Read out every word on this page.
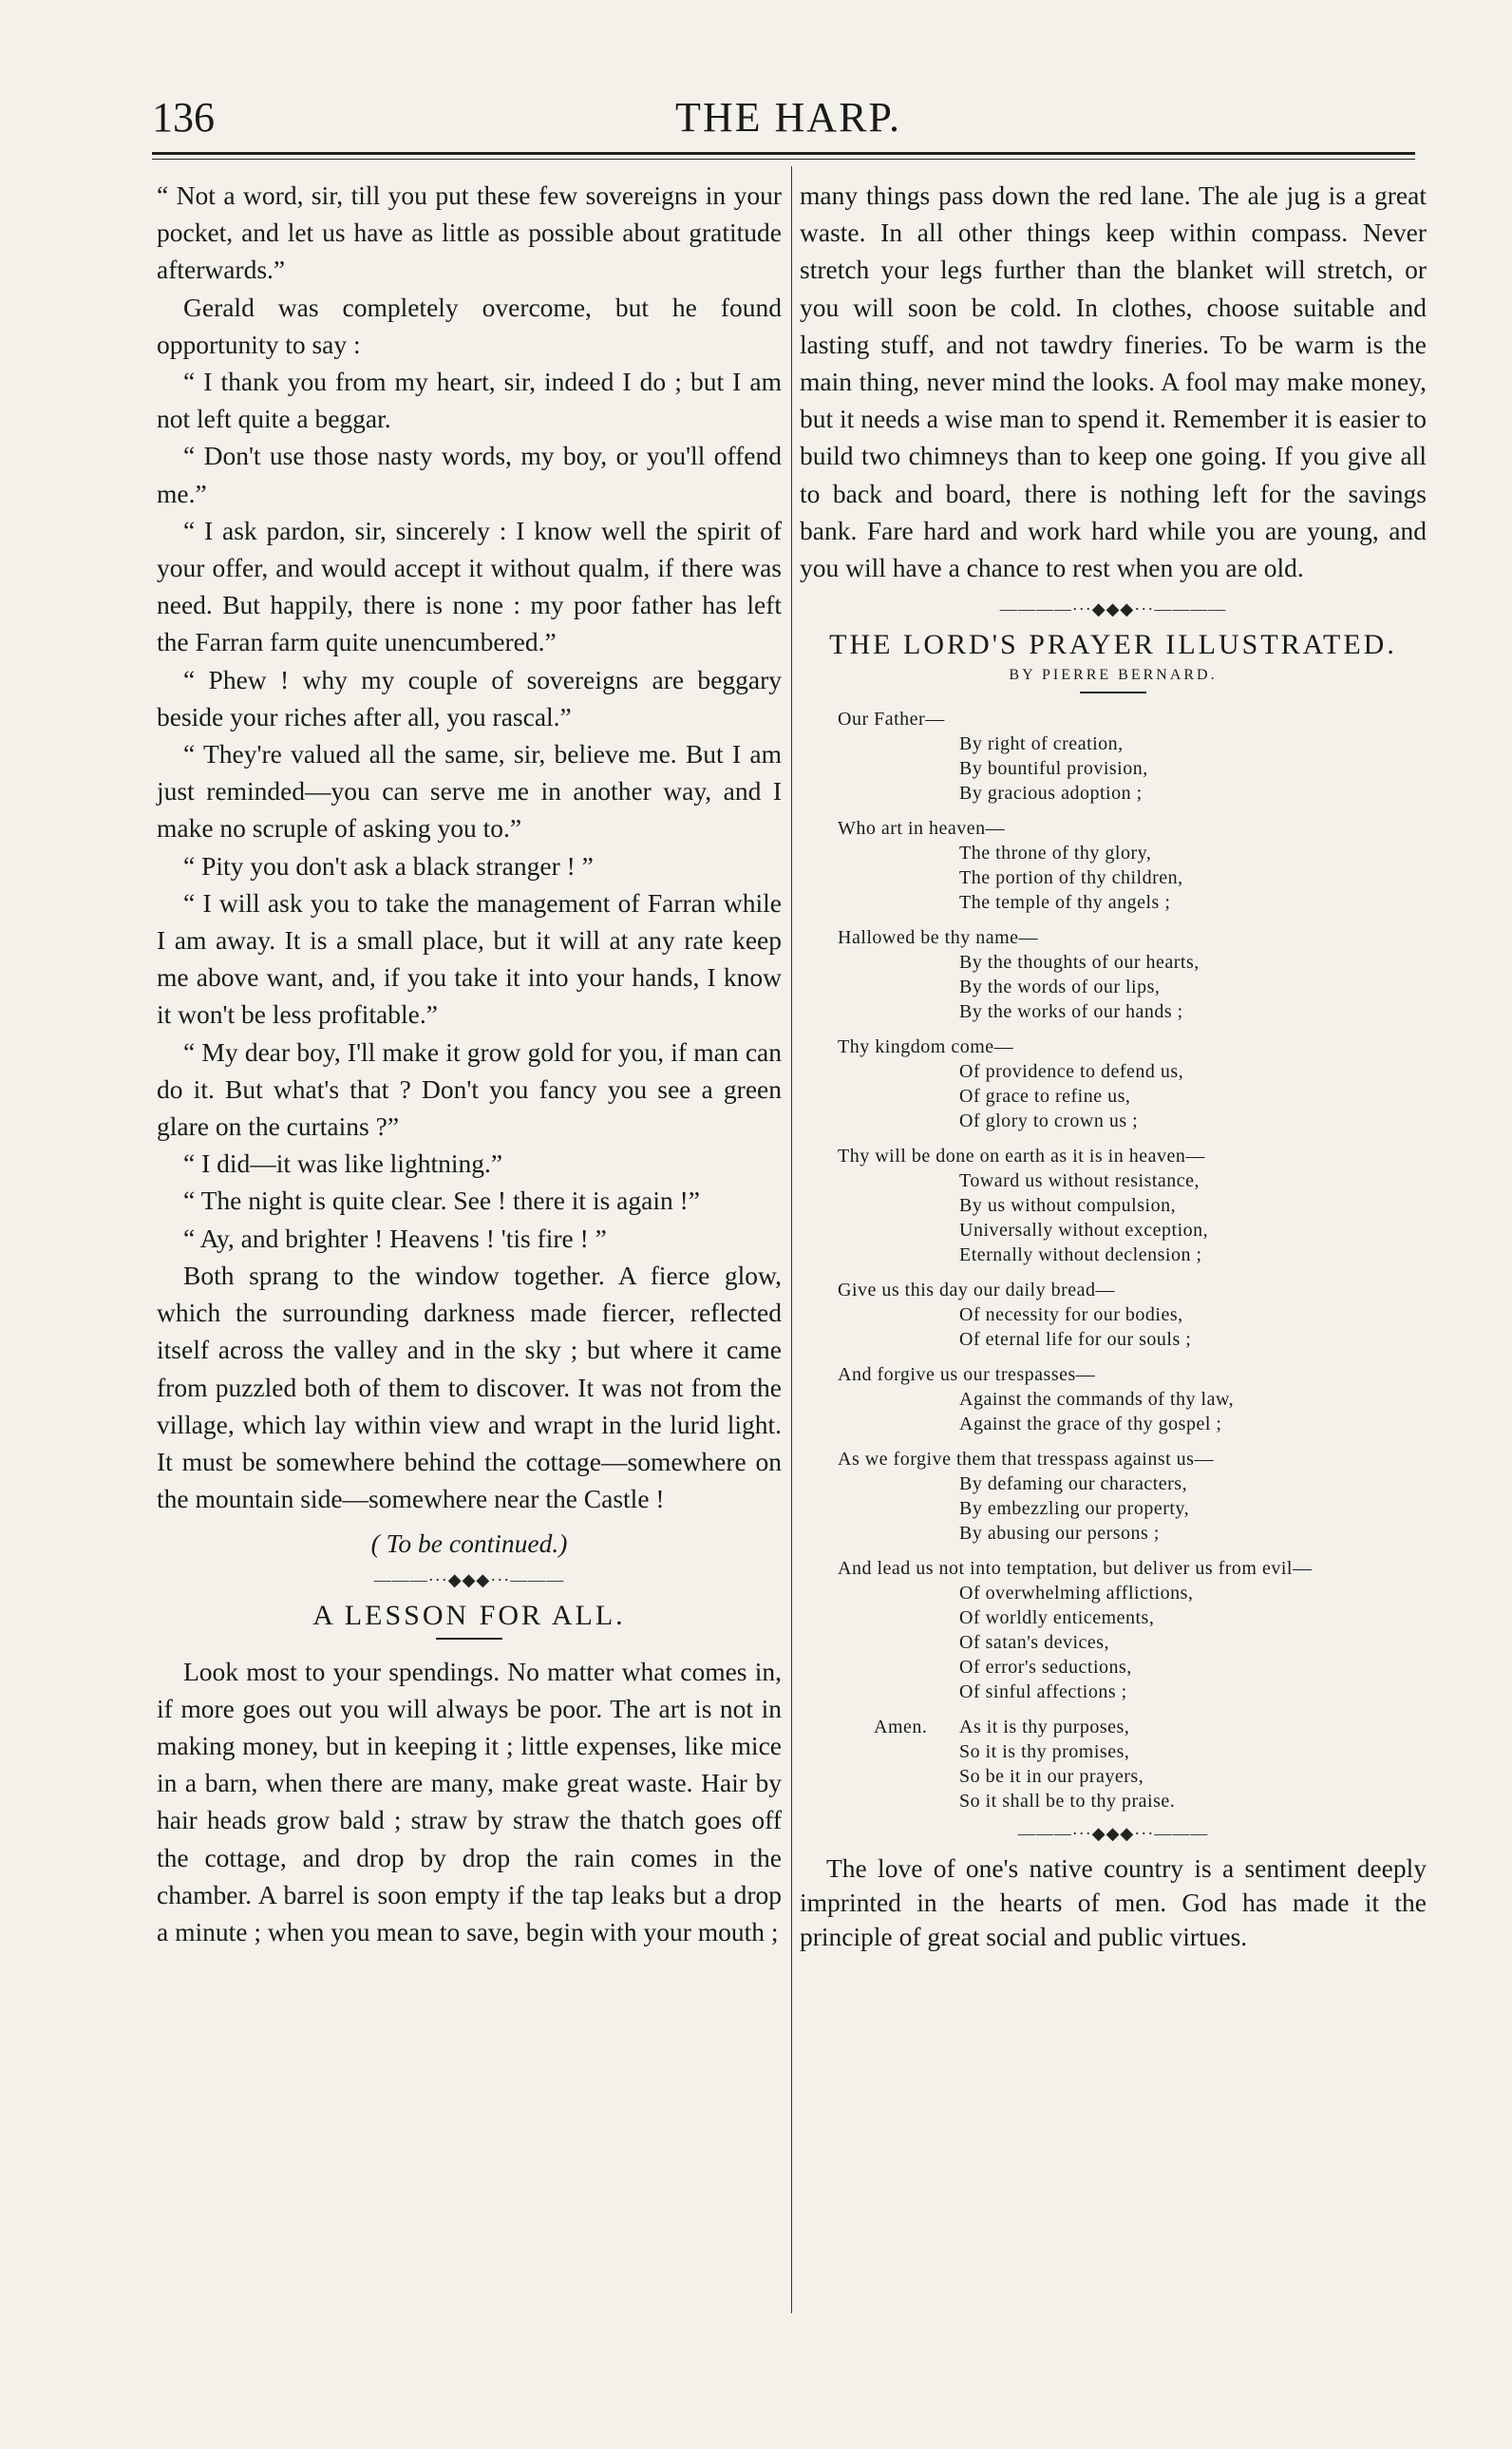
136	THE HARP.

“ Not a word, sir, till you put these few sovereigns in your pocket, and let us have as little as possible about gratitude afterwards.”

Gerald was completely overcome, but he found opportunity to say :

“ I thank you from my heart, sir, indeed I do ; but I am not left quite a beggar.

“ Don't use those nasty words, my boy, or you'll offend me.”

“ I ask pardon, sir, sincerely : I know well the spirit of your offer, and would accept it without qualm, if there was need. But happily, there is none : my poor father has left the Farran farm quite unencumbered.”

“ Phew ! why my couple of sovereigns are beggary beside your riches after all, you rascal.”

“ They're valued all the same, sir, believe me. But I am just reminded—you can serve me in another way, and I make no scruple of asking you to.”

“ Pity you don't ask a black stranger ! ”

“ I will ask you to take the management of Farran while I am away. It is a small place, but it will at any rate keep me above want, and, if you take it into your hands, I know it won't be less profitable.”

“ My dear boy, I'll make it grow gold for you, if man can do it. But what's that ? Don't you fancy you see a green glare on the curtains ?”

“ I did—it was like lightning.”

“ The night is quite clear. See ! there it is again !”

“ Ay, and brighter ! Heavens ! 'tis fire ! ”

Both sprang to the window together. A fierce glow, which the surrounding darkness made fiercer, reflected itself across the valley and in the sky ; but where it came from puzzled both of them to discover. It was not from the village, which lay within view and wrapt in the lurid light. It must be somewhere behind the cottage—somewhere on the mountain side—somewhere near the Castle !

( To be continued.)

———···◆◆◆···———
A LESSON FOR ALL.

Look most to your spendings. No matter what comes in, if more goes out you will always be poor. The art is not in making money, but in keeping it ; little expenses, like mice in a barn, when there are many, make great waste. Hair by hair heads grow bald ; straw by straw the thatch goes off the cottage, and drop by drop the rain comes in the chamber. A barrel is soon empty if the tap leaks but a drop a minute ; when you mean to save, begin with your mouth ;

many things pass down the red lane. The ale jug is a great waste. In all other things keep within compass. Never stretch your legs further than the blanket will stretch, or you will soon be cold. In clothes, choose suitable and lasting stuff, and not tawdry fineries. To be warm is the main thing, never mind the looks. A fool may make money, but it needs a wise man to spend it. Remember it is easier to build two chimneys than to keep one going. If you give all to back and board, there is nothing left for the savings bank. Fare hard and work hard while you are young, and you will have a chance to rest when you are old.

————···◆◆◆···————
THE LORD'S PRAYER ILLUSTRATED.
BY PIERRE BERNARD.
Our Father—
By right of creation,
By bountiful provision,
By gracious adoption ;
Who art in heaven—
The throne of thy glory,
The portion of thy children,
The temple of thy angels ;
Hallowed be thy name—
By the thoughts of our hearts,
By the words of our lips,
By the works of our hands ;
Thy kingdom come—
Of providence to defend us,
Of grace to refine us,
Of glory to crown us ;
Thy will be done on earth as it is in heaven—
Toward us without resistance,
By us without compulsion,
Universally without exception,
Eternally without declension ;
Give us this day our daily bread—
Of necessity for our bodies,
Of eternal life for our souls ;
And forgive us our trespasses—
Against the commands of thy law,
Against the grace of thy gospel ;
As we forgive them that tresspass against us—
By defaming our characters,
By embezzling our property,
By abusing our persons ;
And lead us not into temptation, but deliver us from evil—
Of overwhelming afflictions,
Of worldly enticements,
Of satan's devices,
Of error's seductions,
Of sinful affections ;
Amen.	As it is thy purposes,
So it is thy promises,
So be it in our prayers,
So it shall be to thy praise.
———···◆◆◆···———

The love of one's native country is a sentiment deeply imprinted in the hearts of men. God has made it the principle of great social and public virtues.
